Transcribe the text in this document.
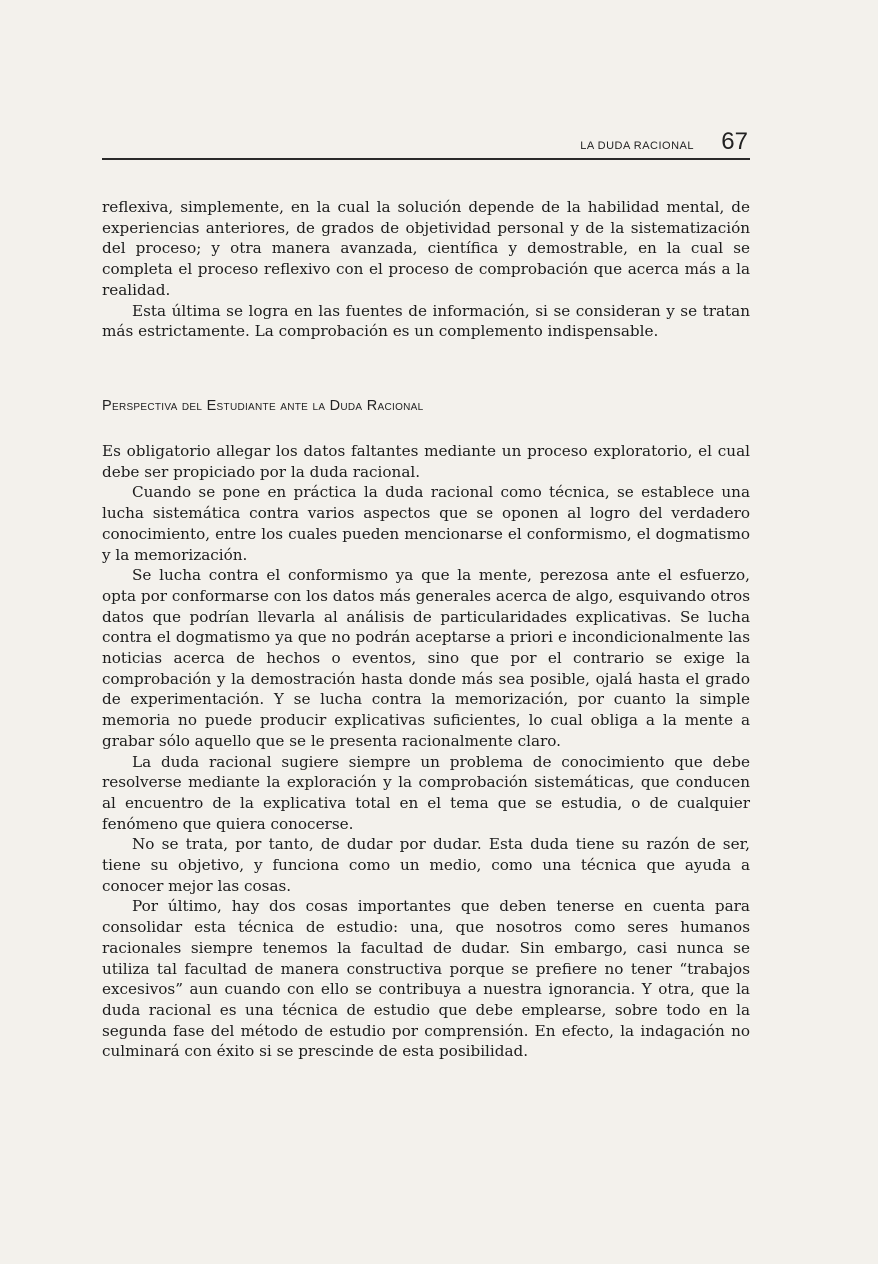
LA DUDA RACIONAL 67

reflexiva, simplemente, en la cual la solución depende de la habilidad mental, de experiencias anteriores, de grados de objetividad personal y de la sistematización del proceso; y otra manera avanzada, científica y demostrable, en la cual se completa el proceso reflexivo con el proceso de comprobación que acerca más a la realidad.

Esta última se logra en las fuentes de información, si se consideran y se tratan más estrictamente. La comprobación es un complemento indispensable.

Perspectiva del Estudiante ante la Duda Racional

Es obligatorio allegar los datos faltantes mediante un proceso exploratorio, el cual debe ser propiciado por la duda racional.

Cuando se pone en práctica la duda racional como técnica, se establece una lucha sistemática contra varios aspectos que se oponen al logro del verdadero conocimiento, entre los cuales pueden mencionarse el conformismo, el dogmatismo y la memorización.

Se lucha contra el conformismo ya que la mente, perezosa ante el esfuerzo, opta por conformarse con los datos más generales acerca de algo, esquivando otros datos que podrían llevarla al análisis de particularidades explicativas. Se lucha contra el dogmatismo ya que no podrán aceptarse a priori e incondicionalmente las noticias acerca de hechos o eventos, sino que por el contrario se exige la comprobación y la demostración hasta donde más sea posible, ojalá hasta el grado de experimentación. Y se lucha contra la memorización, por cuanto la simple memoria no puede producir explicativas suficientes, lo cual obliga a la mente a grabar sólo aquello que se le presenta racionalmente claro.

La duda racional sugiere siempre un problema de conocimiento que debe resolverse mediante la exploración y la comprobación sistemáticas, que conducen al encuentro de la explicativa total en el tema que se estudia, o de cualquier fenómeno que quiera conocerse.

No se trata, por tanto, de dudar por dudar. Esta duda tiene su razón de ser, tiene su objetivo, y funciona como un medio, como una técnica que ayuda a conocer mejor las cosas.

Por último, hay dos cosas importantes que deben tenerse en cuenta para consolidar esta técnica de estudio: una, que nosotros como seres humanos racionales siempre tenemos la facultad de dudar. Sin embargo, casi nunca se utiliza tal facultad de manera constructiva porque se prefiere no tener “trabajos excesivos” aun cuando con ello se contribuya a nuestra ignorancia. Y otra, que la duda racional es una técnica de estudio que debe emplearse, sobre todo en la segunda fase del método de estudio por comprensión. En efecto, la indagación no culminará con éxito si se prescinde de esta posibilidad.
